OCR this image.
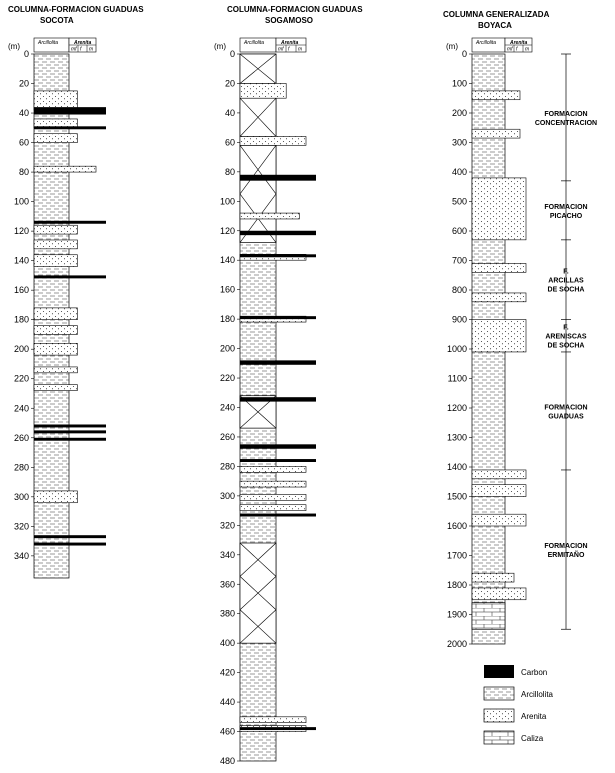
COLUMNA-FORMACION GUADUAS
SOCOTA
Arcillolita	Arenita
mf f m
(m)
0
20
40
60
80
100
120
140
160
180
200
220
240
260
280
300
320
340
COLUMNA-FORMACION GUADUAS
SOGAMOSO
Arcillolita	Arenita
mf f m
(m)
0
20
40
60
80
100
120
140
160
180
200
220
240
260
280
300
320
340
360
380
400
420
440
460
480
COLUMNA GENERALIZADA
BOYACA
Arcillolita	Arenita
mf f m
(m)
0
100
200
300
400
500
600
700
800
900
1000
1100
1200
1300
1400
1500
1600
1700
1800
1900
2000
FORMACION CONCENTRACION
FORMACION PICACHO
F. ARCILLAS DE SOCHA
F. ARENISCAS DE SOCHA
FORMACION GUADUAS
FORMACION ERMITAÑO
Carbon
Arcillolita
Arenita
Caliza
